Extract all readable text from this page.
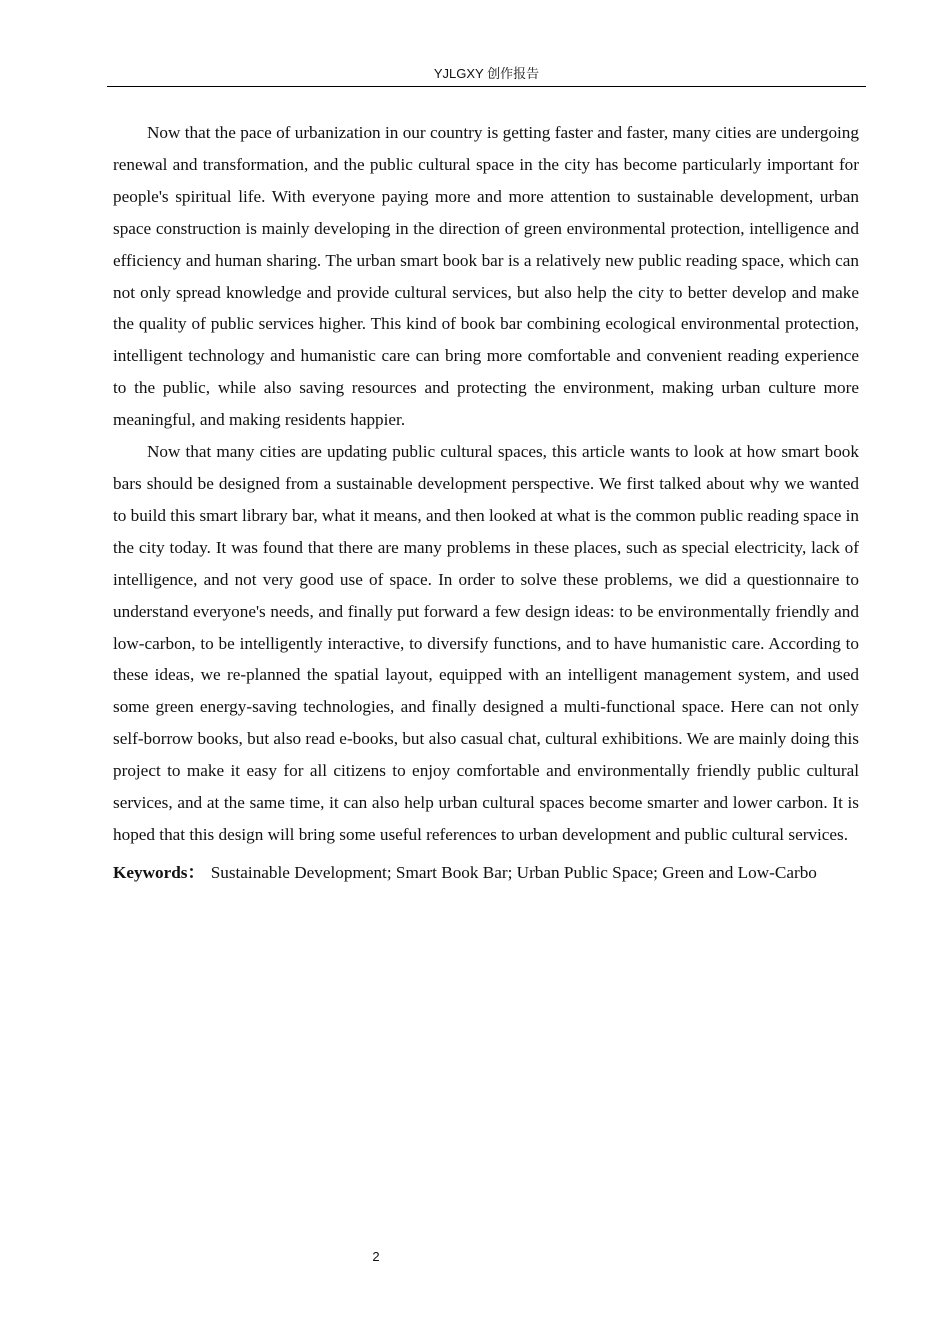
YJLGXY 创作报告

Now that the pace of urbanization in our country is getting faster and faster, many cities are undergoing renewal and transformation, and the public cultural space in the city has become particularly important for people's spiritual life. With everyone paying more and more attention to sustainable development, urban space construction is mainly developing in the direction of green environmental protection, intelligence and efficiency and human sharing. The urban smart book bar is a relatively new public reading space, which can not only spread knowledge and provide cultural services, but also help the city to better develop and make the quality of public services higher. This kind of book bar combining ecological environmental protection, intelligent technology and humanistic care can bring more comfortable and convenient reading experience to the public, while also saving resources and protecting the environment, making urban culture more meaningful, and making residents happier.

Now that many cities are updating public cultural spaces, this article wants to look at how smart book bars should be designed from a sustainable development perspective. We first talked about why we wanted to build this smart library bar, what it means, and then looked at what is the common public reading space in the city today. It was found that there are many problems in these places, such as special electricity, lack of intelligence, and not very good use of space. In order to solve these problems, we did a questionnaire to understand everyone's needs, and finally put forward a few design ideas: to be environmentally friendly and low-carbon, to be intelligently interactive, to diversify functions, and to have humanistic care. According to these ideas, we re-planned the spatial layout, equipped with an intelligent management system, and used some green energy-saving technologies, and finally designed a multi-functional space. Here can not only self-borrow books, but also read e-books, but also casual chat, cultural exhibitions. We are mainly doing this project to make it easy for all citizens to enjoy comfortable and environmentally friendly public cultural services, and at the same time, it can also help urban cultural spaces become smarter and lower carbon. It is hoped that this design will bring some useful references to urban development and public cultural services.

Keywords： Sustainable Development; Smart Book Bar; Urban Public Space; Green and Low-Carbo

2
